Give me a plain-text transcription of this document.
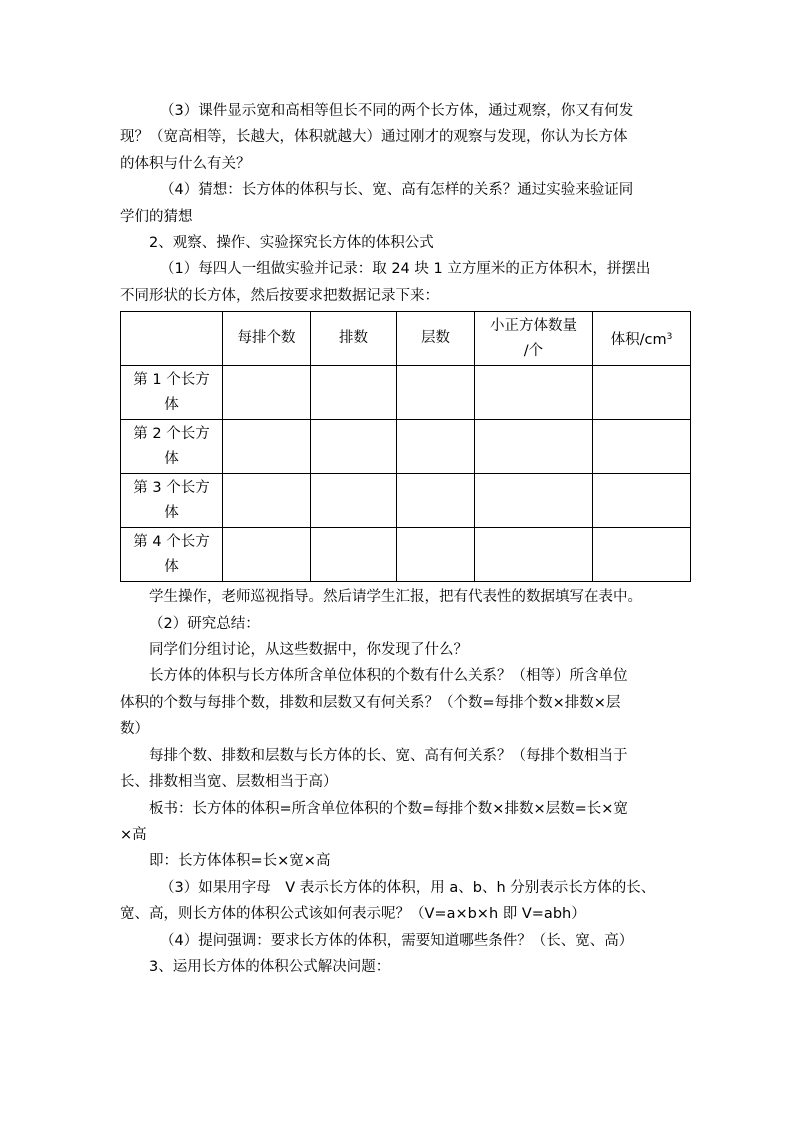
（3）课件显示宽和高相等但长不同的两个长方体，通过观察，你又有何发
现？（宽高相等，长越大，体积就越大）通过刚才的观察与发现，你认为长方体
的体积与什么有关？
（4）猜想：长方体的体积与长、宽、高有怎样的关系？通过实验来验证同
学们的猜想
2、观察、操作、实验探究长方体的体积公式
（1）每四人一组做实验并记录：取 24 块 1 立方厘米的正方体积木，拼摆出
不同形状的长方体，然后按要求把数据记录下来：
	每排个数	排数	层数	小正方体数量
/个	体积$/cm^3$

第 1 个长方
体					

第 2 个长方
体					

第 3 个长方
体					

第 4 个长方
体					

学生操作，老师巡视指导。然后请学生汇报，把有代表性的数据填写在表中。
（2）研究总结：
同学们分组讨论，从这些数据中，你发现了什么？
长方体的体积与长方体所含单位体积的个数有什么关系？（相等）所含单位
体积的个数与每排个数，排数和层数又有何关系？（个数=每排个数×排数×层
数）
每排个数、排数和层数与长方体的长、宽、高有何关系？（每排个数相当于
长、排数相当宽、层数相当于高）
板书：长方体的体积=所含单位体积的个数=每排个数×排数×层数=长×宽
×高
即：长方体体积=长×宽×高
（3）如果用字母　V 表示长方体的体积，用 a、b、h 分别表示长方体的长、
宽、高，则长方体的体积公式该如何表示呢？（V=a×b×h 即 V=abh）
（4）提问强调：要求长方体的体积，需要知道哪些条件？（长、宽、高）
3、运用长方体的体积公式解决问题：
